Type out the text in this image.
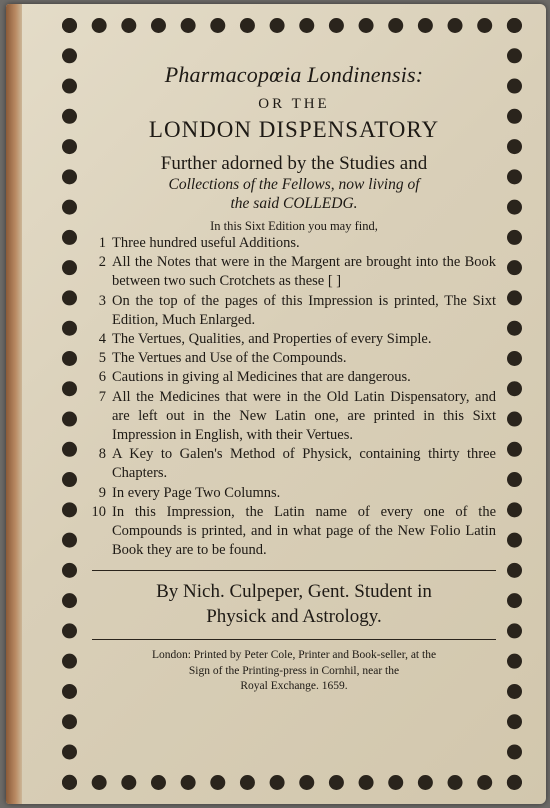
Pharmacopœia Londinensis:
OR THE
LONDON DISPENSATORY
Further adorned by the Studies and
Collections of the Fellows, now living of
the said COLLEDG.
In this Sixt Edition you may find,
1 Three hundred useful Additions.
2 All the Notes that were in the Margent are brought into the Book between two such Crotchets as these [ ]
3 On the top of the pages of this Impression is printed, The Sixt Edition, Much Enlarged.
4 The Vertues, Qualities, and Properties of every Simple.
5 The Vertues and Use of the Compounds.
6 Cautions in giving al Medicines that are dangerous.
7 All the Medicines that were in the Old Latin Dispensatory, and are left out in the New Latin one, are printed in this Sixt Impression in English, with their Vertues.
8 A Key to Galen's Method of Physick, containing thirty three Chapters.
9 In every Page Two Columns.
10 In this Impression, the Latin name of every one of the Compounds is printed, and in what page of the New Folio Latin Book they are to be found.
By Nich. Culpeper, Gent. Student in
Physick and Astrology.
London: Printed by Peter Cole, Printer and Book-seller, at the
Sign of the Printing-press in Cornhil, near the
Royal Exchange. 1659.
